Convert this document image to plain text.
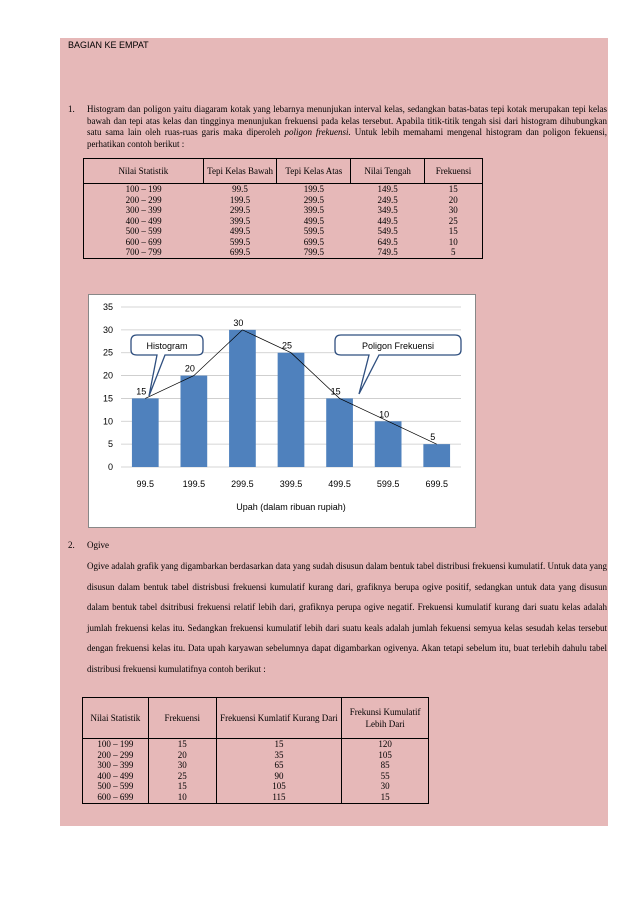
BAGIAN KE EMPAT
1. Histogram dan poligon yaitu diagaram kotak yang lebarnya menunjukan interval kelas, sedangkan batas-batas tepi kotak merupakan tepi kelas bawah dan tepi atas kelas dan tingginya menunjukan frekuensi pada kelas tersebut. Apabila titik-titik tengah sisi dari histogram dihubungkan satu sama lain oleh ruas-ruas garis maka diperoleh poligon frekuensi. Untuk lebih memahami mengenal histogram dan poligon fekuensi, perhatikan contoh berikut :
Nilai Statistik	Tepi Kelas Bawah	Tepi Kelas Atas	Nilai Tengah	Frekuensi
100 – 199	99.5	199.5	149.5	15
200 – 299	199.5	299.5	249.5	20
300 – 399	299.5	399.5	349.5	30
400 – 499	399.5	499.5	449.5	25
500 – 599	499.5	599.5	549.5	15
600 – 699	599.5	699.5	649.5	10
700 – 799	699.5	799.5	749.5	5
0
5
10
15
20
25
30
35
15
99.5
20
199.5
30
299.5
25
399.5
15
499.5
10
599.5
5
699.5
Upah (dalam ribuan rupiah)
Histogram	Poligon Frekuensi
2. Ogive
Ogive adalah grafik yang digambarkan berdasarkan data yang sudah disusun dalam bentuk tabel distribusi frekuensi kumulatif. Untuk data yang disusun dalam bentuk tabel distrisbusi frekuensi kumulatif kurang dari, grafiknya berupa ogive positif, sedangkan untuk data yang disusun dalam bentuk tabel dsitribusi frekuensi relatif lebih dari, grafiknya perupa ogive negatif. Frekuensi kumulatif kurang dari suatu kelas adalah jumlah frekuensi kelas itu. Sedangkan frekuensi kumulatif lebih dari suatu keals adalah jumlah fekuensi semyua kelas sesudah kelas tersebut dengan frekuensi kelas itu. Data upah karyawan sebelumnya dapat digambarkan ogivenya. Akan tetapi sebelum itu, buat terlebih dahulu tabel distribusi frekuensi kumulatifnya contoh berikut :
Nilai Statistik	Frekuensi	Frekuensi Kumlatif Kurang Dari	Frekunsi Kumulatif Lebih Dari
100 – 199	15	15	120
200 – 299	20	35	105
300 – 399	30	65	85
400 – 499	25	90	55
500 – 599	15	105	30
600 – 699	10	115	15
